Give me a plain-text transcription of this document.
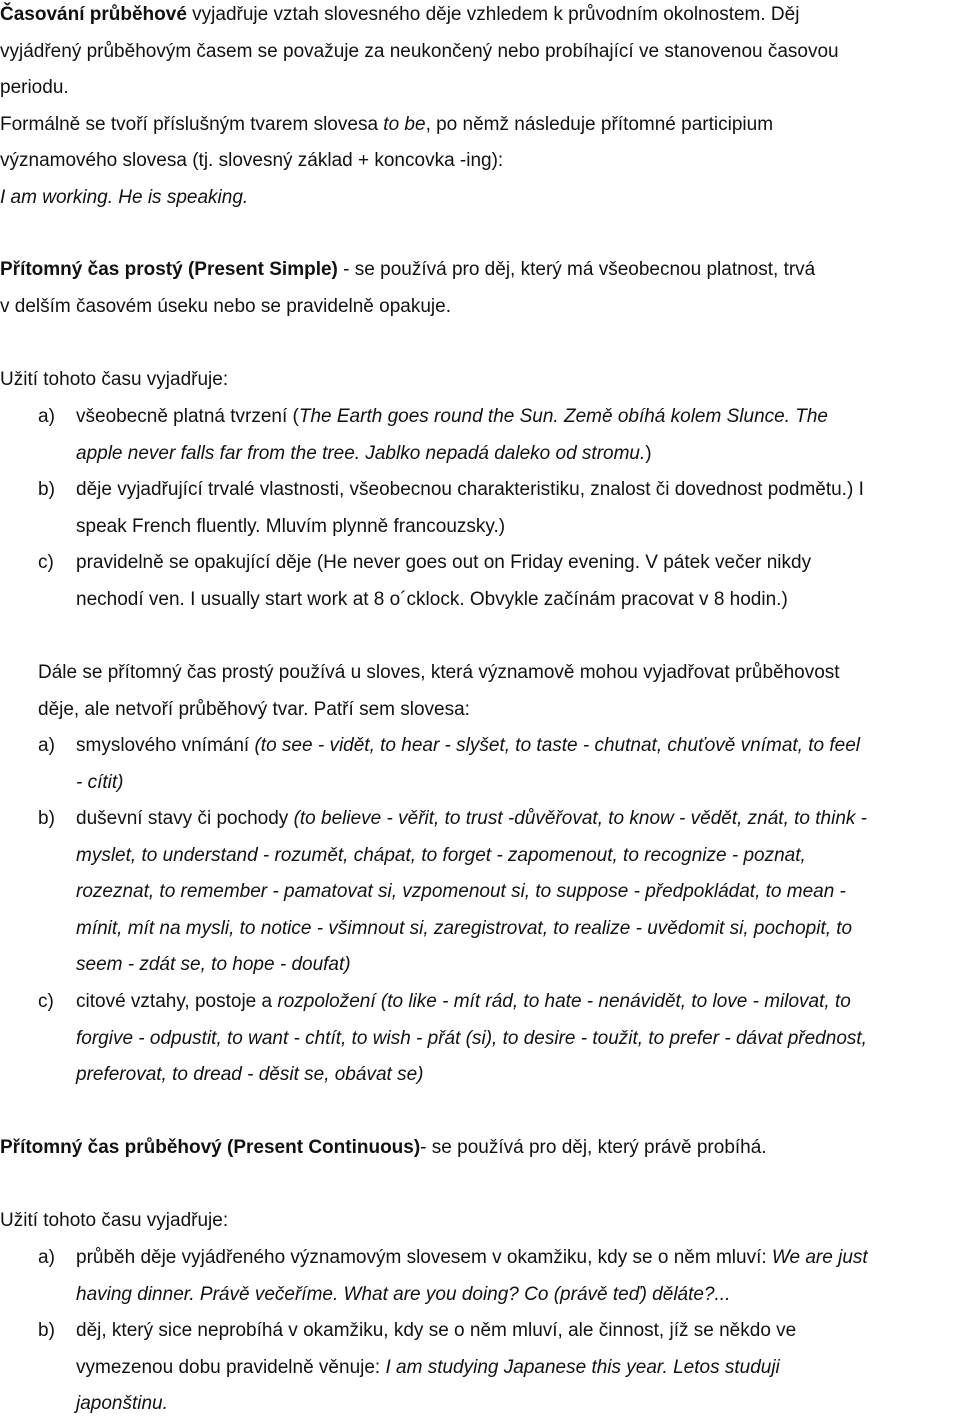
Časování průběhové vyjadřuje vztah slovesného děje vzhledem k průvodním okolnostem. Děj
vyjádřený průběhovým časem se považuje za neukončený nebo probíhající ve stanovenou časovou
periodu.
Formálně se tvoří příslušným tvarem slovesa to be, po němž následuje přítomné participium
významového slovesa (tj. slovesný základ + koncovka -ing):
I am working. He is speaking.
Přítomný čas prostý (Present Simple) - se používá pro děj, který má všeobecnou platnost, trvá
v delším časovém úseku nebo se pravidelně opakuje.
Užití tohoto času vyjadřuje:
a)	všeobecně platná tvrzení (The Earth goes round the Sun. Země obíhá kolem Slunce. The
apple never falls far from the tree. Jablko nepadá daleko od stromu.)
b)	děje vyjadřující trvalé vlastnosti, všeobecnou charakteristiku, znalost či dovednost podmětu.) I
speak French fluently. Mluvím plynně francouzsky.)
c)	pravidelně se opakující děje (He never goes out on Friday evening. V pátek večer nikdy
nechodí ven. I usually start work at 8 o´cklock. Obvykle začínám pracovat v 8 hodin.)
Dále se přítomný čas prostý používá u sloves, která významově mohou vyjadřovat průběhovost
děje, ale netvoří průběhový tvar. Patří sem slovesa:
a)	smyslového vnímání (to see - vidět, to hear - slyšet, to taste - chutnat, chuťově vnímat, to feel
- cítit)
b)	duševní stavy či pochody (to believe - věřit, to trust -důvěřovat, to know - vědět, znát, to think -
myslet, to understand - rozumět, chápat, to forget - zapomenout, to recognize - poznat,
rozeznat, to remember - pamatovat si, vzpomenout si, to suppose - předpokládat, to mean -
mínit, mít na mysli, to notice - všimnout si, zaregistrovat, to realize - uvědomit si, pochopit, to
seem - zdát se, to hope - doufat)
c)	citové vztahy, postoje a rozpoložení (to like - mít rád, to hate - nenávidět, to love - milovat, to
forgive - odpustit, to want - chtít, to wish - přát (si), to desire - toužit, to prefer - dávat přednost,
preferovat, to dread - děsit se, obávat se)
Přítomný čas průběhový (Present Continuous)- se používá pro děj, který právě probíhá.
Užití tohoto času vyjadřuje:
a)	průběh děje vyjádřeného významovým slovesem v okamžiku, kdy se o něm mluví: We are just
having dinner. Právě večeříme. What are you doing? Co (právě teď) děláte?...
b)	děj, který sice neprobíhá v okamžiku, kdy se o něm mluví, ale činnost, jíž se někdo ve
vymezenou dobu pravidelně věnuje: I am studying Japanese this year. Letos studuji
japonštinu.
